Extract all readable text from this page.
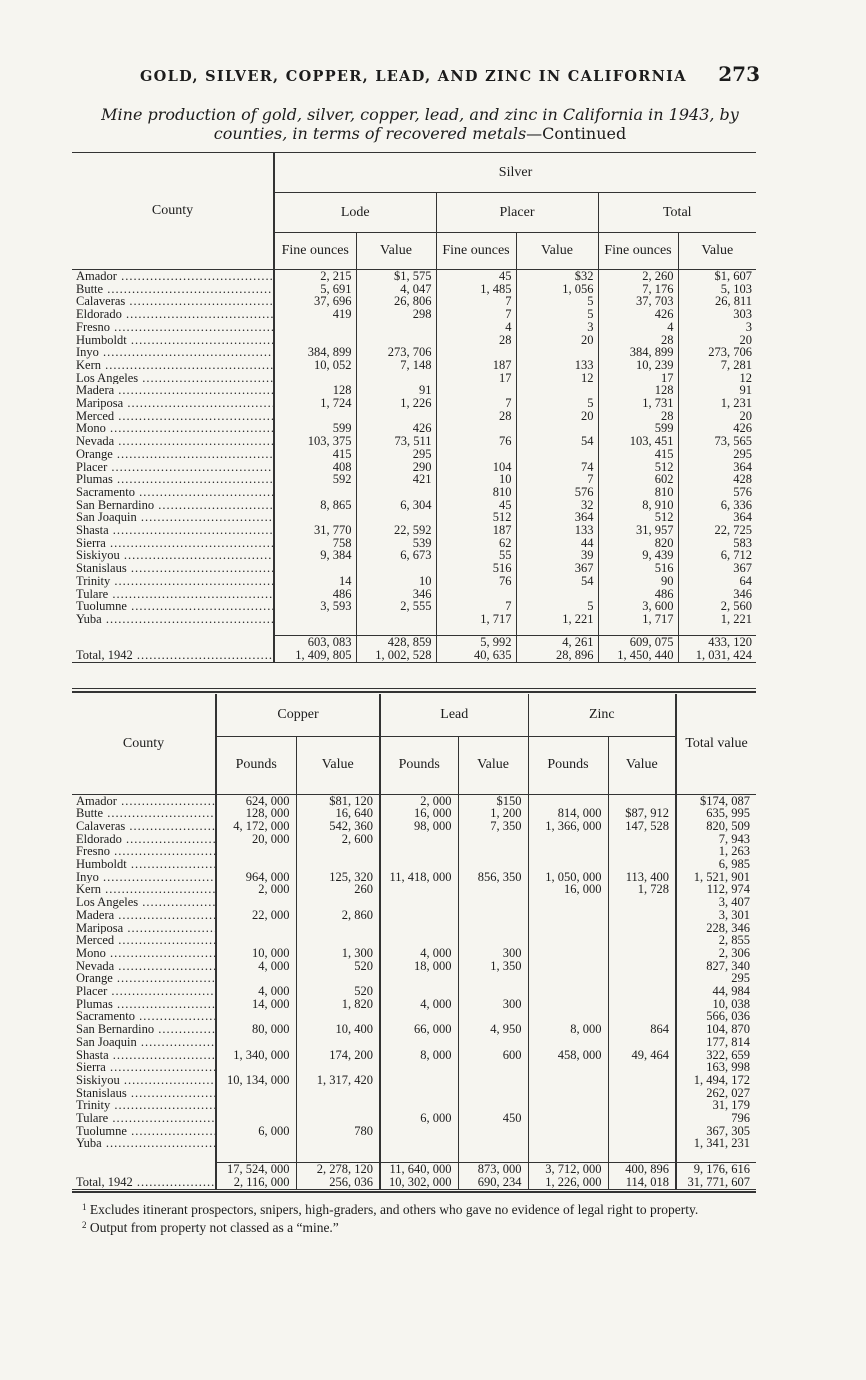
GOLD, SILVER, COPPER, LEAD, AND ZINC IN CALIFORNIA 273
Mine production of gold, silver, copper, lead, and zinc in California in 1943, by counties, in terms of recovered metals—Continued
County	Silver					
	Lode		Placer		Total	
	Fine ounces	Value	Fine ounces	Value	Fine ounces	Value

Amador .....	2, 215	$1, 575	45	$32	2, 260	$1, 607

Butte .....	5, 691	4, 047	1, 485	1, 056	7, 176	5, 103

Calaveras .....	37, 696	26, 806	7	5	37, 703	26, 811

Eldorado .....	419	298	7	5	426	303

Fresno .....			4	3	4	3

Humboldt .....			28	20	28	20

Inyo .....	384, 899	273, 706			384, 899	273, 706

Kern .....	10, 052	7, 148	187	133	10, 239	7, 281

Los Angeles .....			17	12	17	12

Madera .....	128	91			128	91

Mariposa .....	1, 724	1, 226	7	5	1, 731	1, 231

Merced .....			28	20	28	20

Mono .....	599	426			599	426

Nevada .....	103, 375	73, 511	76	54	103, 451	73, 565

Orange .....	415	295			415	295

Placer .....	408	290	104	74	512	364

Plumas .....	592	421	10	7	602	428

Sacramento .....			810	576	810	576

San Bernardino .....	8, 865	6, 304	45	32	8, 910	6, 336

San Joaquin .....			512	364	512	364

Shasta .....	31, 770	22, 592	187	133	31, 957	22, 725

Sierra .....	758	539	62	44	820	583

Siskiyou .....	9, 384	6, 673	55	39	9, 439	6, 712

Stanislaus .....			516	367	516	367

Trinity .....	14	10	76	54	90	64

Tulare .....	486	346			486	346

Tuolumne .....	3, 593	2, 555	7	5	3, 600	2, 560

Yuba .....			1, 717	1, 221	1, 717	1, 221

	603, 083	428, 859	5, 992	4, 261	609, 075	433, 120

Total, 1942 .....	1, 409, 805	1, 002, 528	40, 635	28, 896	1, 450, 440	1, 031, 424
County	Copper		Lead		Zinc		Total value
	Pounds	Value	Pounds	Value	Pounds	Value	

Amador .....	624, 000	$81, 120	2, 000	$150			$174, 087

Butte .....	128, 000	16, 640	16, 000	1, 200	814, 000	$87, 912	635, 995

Calaveras .....	4, 172, 000	542, 360	98, 000	7, 350	1, 366, 000	147, 528	820, 509

Eldorado .....	20, 000	2, 600					7, 943

Fresno .....							1, 263

Humboldt .....							6, 985

Inyo .....	964, 000	125, 320	11, 418, 000	856, 350	1, 050, 000	113, 400	1, 521, 901

Kern .....	2, 000	260			16, 000	1, 728	112, 974

Los Angeles .....							3, 407

Madera .....	22, 000	2, 860					3, 301

Mariposa .....							228, 346

Merced .....							2, 855

Mono .....	10, 000	1, 300	4, 000	300			2, 306

Nevada .....	4, 000	520	18, 000	1, 350			827, 340

Orange .....							295

Placer .....	4, 000	520					44, 984

Plumas .....	14, 000	1, 820	4, 000	300			10, 038

Sacramento .....							566, 036

San Bernardino .....	80, 000	10, 400	66, 000	4, 950	8, 000	864	104, 870

San Joaquin .....							177, 814

Shasta .....	1, 340, 000	174, 200	8, 000	600	458, 000	49, 464	322, 659

Sierra .....							163, 998

Siskiyou .....	10, 134, 000	1, 317, 420					1, 494, 172

Stanislaus .....							262, 027

Trinity .....							31, 179

Tulare .....			6, 000	450			796

Tuolumne .....	6, 000	780					367, 305

Yuba .....							1, 341, 231

	17, 524, 000	2, 278, 120	11, 640, 000	873, 000	3, 712, 000	400, 896	9, 176, 616

Total, 1942 .....	2, 116, 000	256, 036	10, 302, 000	690, 234	1, 226, 000	114, 018	31, 771, 607

$^1$ Excludes itinerant prospectors, snipers, high-graders, and others who gave no evidence of legal right to property.

$^2$ Output from property not classed as a “mine.”
